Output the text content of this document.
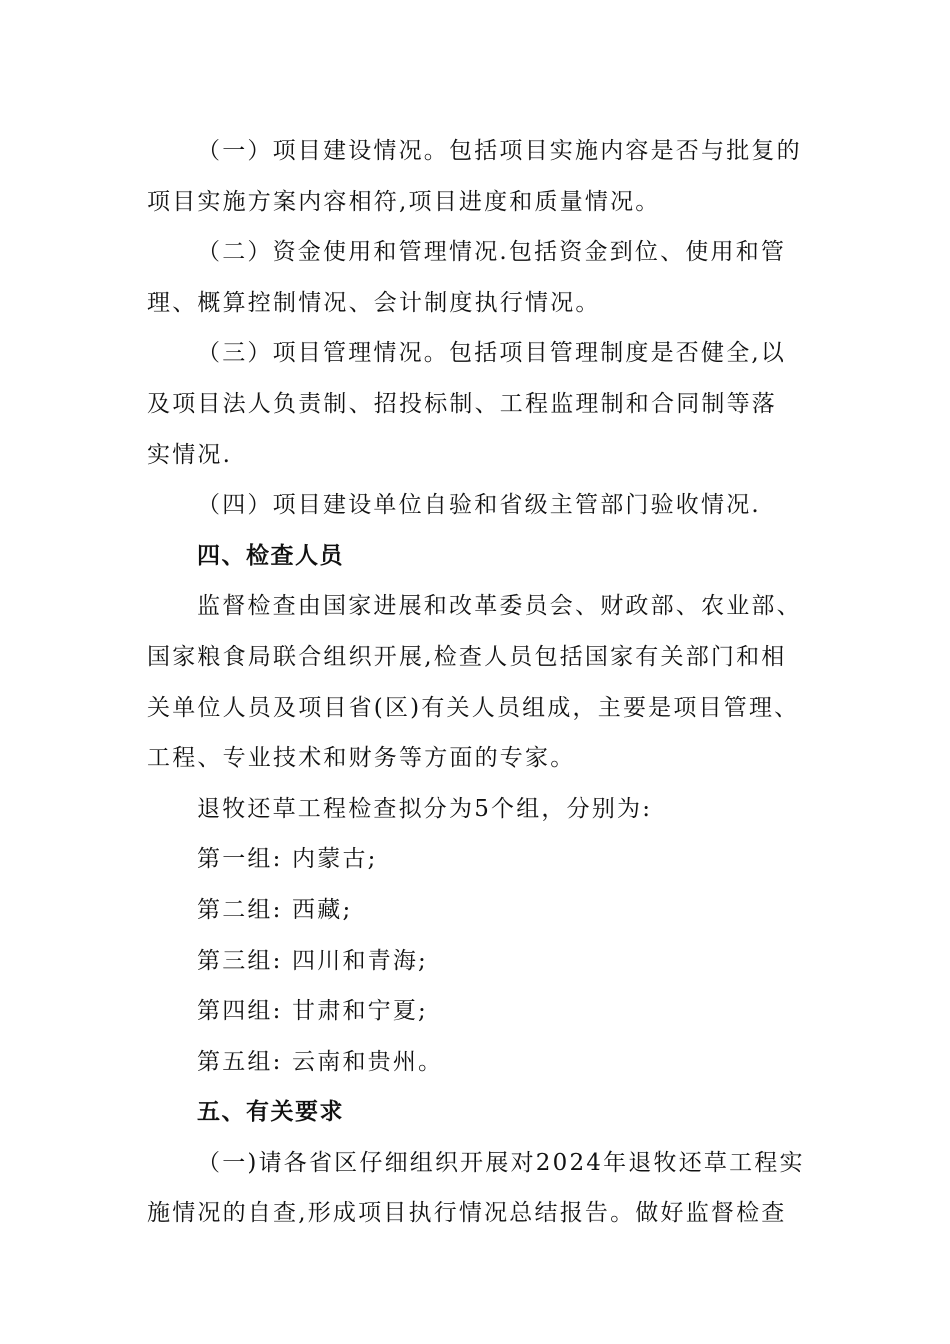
（一）项目建设情况。包括项目实施内容是否与批复的
项目实施方案内容相符,项目进度和质量情况。
（二）资金使用和管理情况.包括资金到位、使用和管
理、概算控制情况、会计制度执行情况。
（三）项目管理情况。包括项目管理制度是否健全,以
及项目法人负责制、招投标制、工程监理制和合同制等落
实情况.
（四）项目建设单位自验和省级主管部门验收情况.
四、检查人员
监督检查由国家进展和改革委员会、财政部、农业部、
国家粮食局联合组织开展,检查人员包括国家有关部门和相
关单位人员及项目省(区)有关人员组成，主要是项目管理、
工程、专业技术和财务等方面的专家。
退牧还草工程检查拟分为5个组，分别为:
第一组: 内蒙古;
第二组: 西藏;
第三组: 四川和青海;
第四组: 甘肃和宁夏;
第五组: 云南和贵州。
五、有关要求
（一)请各省区仔细组织开展对2024年退牧还草工程实
施情况的自查,形成项目执行情况总结报告。做好监督检查
